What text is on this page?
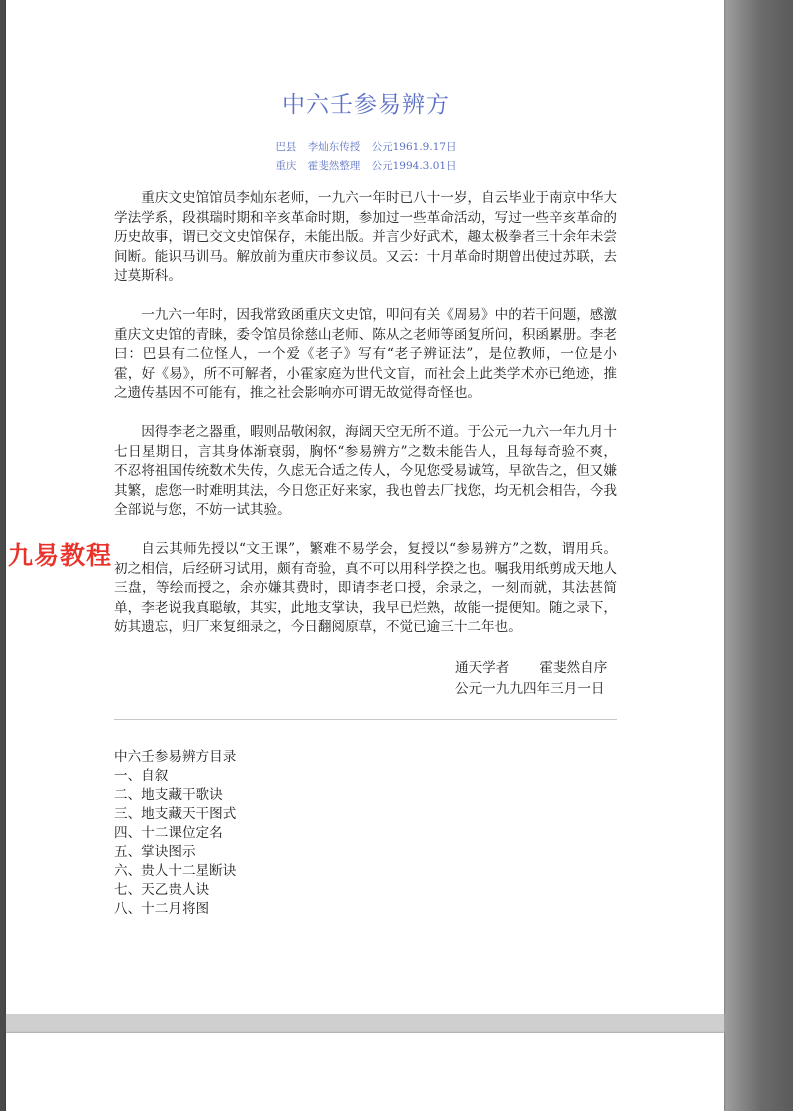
中六壬参易辨方
巴县 李灿东传授 公元1961.9.17日
重庆 霍斐然整理 公元1994.3.01日

重庆文史馆馆员李灿东老师，一九六一年时已八十一岁，自云毕业于南京中华大学法学系，段祺瑞时期和辛亥革命时期，参加过一些革命活动，写过一些辛亥革命的历史故事，谓已交文史馆保存，未能出版。并言少好武术，趣太极拳者三十余年未尝间断。能识马训马。解放前为重庆市参议员。又云：十月革命时期曾出使过苏联，去过莫斯科。

一九六一年时，因我常致函重庆文史馆，叩问有关《周易》中的若干问题，感激重庆文史馆的青睐，委令馆员徐慈山老师、陈从之老师等函复所问，积函累册。李老曰：巴县有二位怪人，一个爱《老子》写有“老子辨证法”，是位教师，一位是小霍，好《易》，所不可解者，小霍家庭为世代文盲，而社会上此类学术亦已绝迹，推之遗传基因不可能有，推之社会影响亦可谓无故觉得奇怪也。

因得李老之器重，暇则品敬闲叙，海阔天空无所不道。于公元一九六一年九月十七日星期日，言其身体渐衰弱，胸怀“参易辨方”之数未能告人，且每每奇验不爽，不忍将祖国传统数术失传，久虑无合适之传人，今见您受易诚笃，早欲告之，但又嫌其繁，虑您一时难明其法，今日您正好来家，我也曾去厂找您，均无机会相告，今我全部说与您，不妨一试其验。

自云其师先授以“文王课”，繁难不易学会，复授以“参易辨方”之数，谓用兵。初之相信，后经研习试用，颇有奇验，真不可以用科学揆之也。嘱我用纸剪成天地人三盘，等绘而授之，余亦嫌其费时，即请李老口授，余录之，一刻而就，其法甚简单，李老说我真聪敏，其实，此地支掌诀，我早已烂熟，故能一提便知。随之录下，妨其遗忘，归厂来复细录之，今日翻阅原草，不觉已逾三十二年也。

通天学者 霍斐然自序
公元一九九四年三月一日
中六壬参易辨方目录
一、自叙
二、地支藏干歌诀
三、地支藏天干图式
四、十二课位定名
五、掌诀图示
六、贵人十二星断诀
七、天乙贵人诀
八、十二月将图
九易教程
